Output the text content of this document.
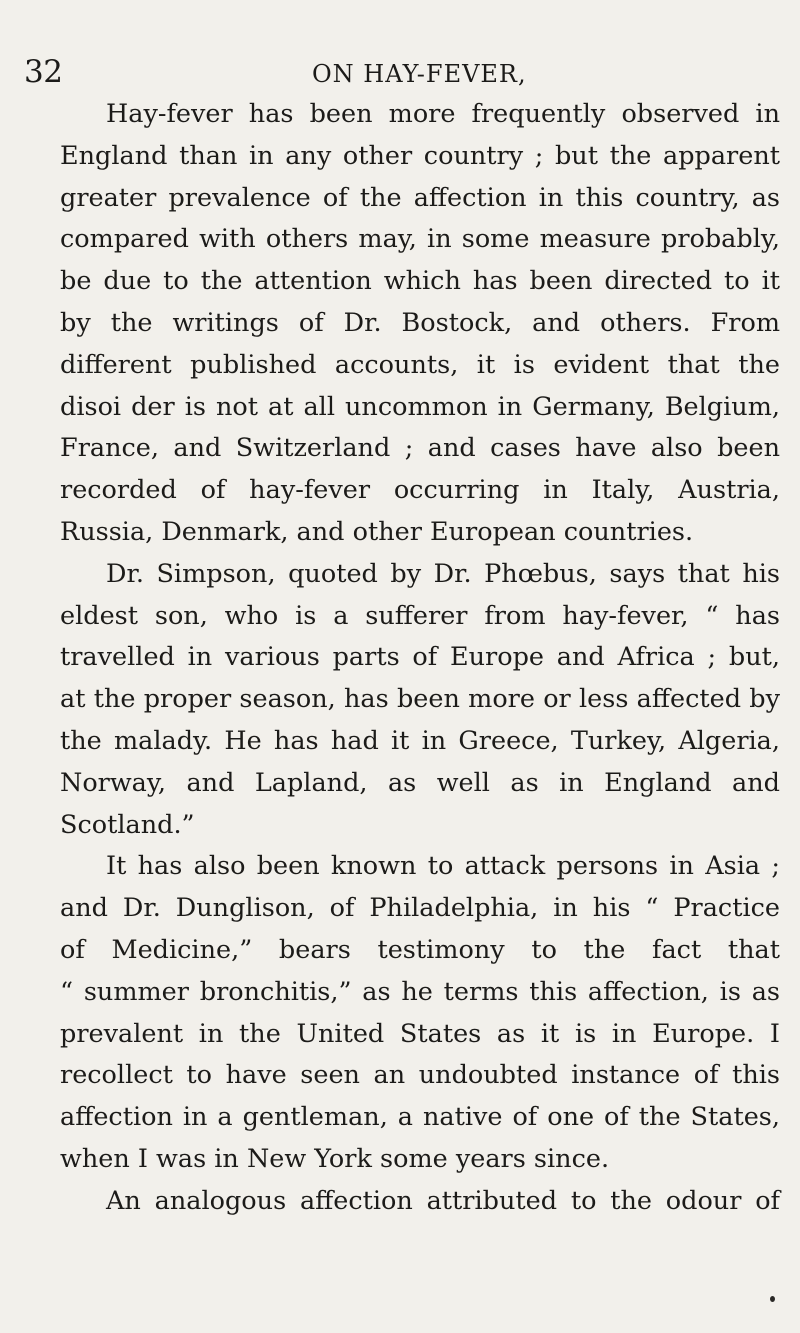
32	ON HAY-FEVER,
Hay-fever has been more frequently observed in
England than in any other country ; but the apparent
greater prevalence of the affection in this country, as
compared with others may, in some measure probably,
be due to the attention which has been directed to it
by the writings of Dr. Bostock, and others. From
different published accounts, it is evident that the
disoi der is not at all uncommon in Germany, Belgium,
France, and Switzerland ; and cases have also been
recorded of hay-fever occurring in Italy, Austria,
Russia, Denmark, and other European countries.
Dr. Simpson, quoted by Dr. Phœbus, says that his
eldest son, who is a sufferer from hay-fever, “ has
travelled in various parts of Europe and Africa ; but,
at the proper season, has been more or less affected by
the malady. He has had it in Greece, Turkey, Algeria,
Norway, and Lapland, as well as in England and
Scotland.”
It has also been known to attack persons in Asia ;
and Dr. Dunglison, of Philadelphia, in his “ Practice
of Medicine,” bears testimony to the fact that
“ summer bronchitis,” as he terms this affection, is as
prevalent in the United States as it is in Europe. I
recollect to have seen an undoubted instance of this
affection in a gentleman, a native of one of the States,
when I was in New York some years since.
An analogous affection attributed to the odour of
